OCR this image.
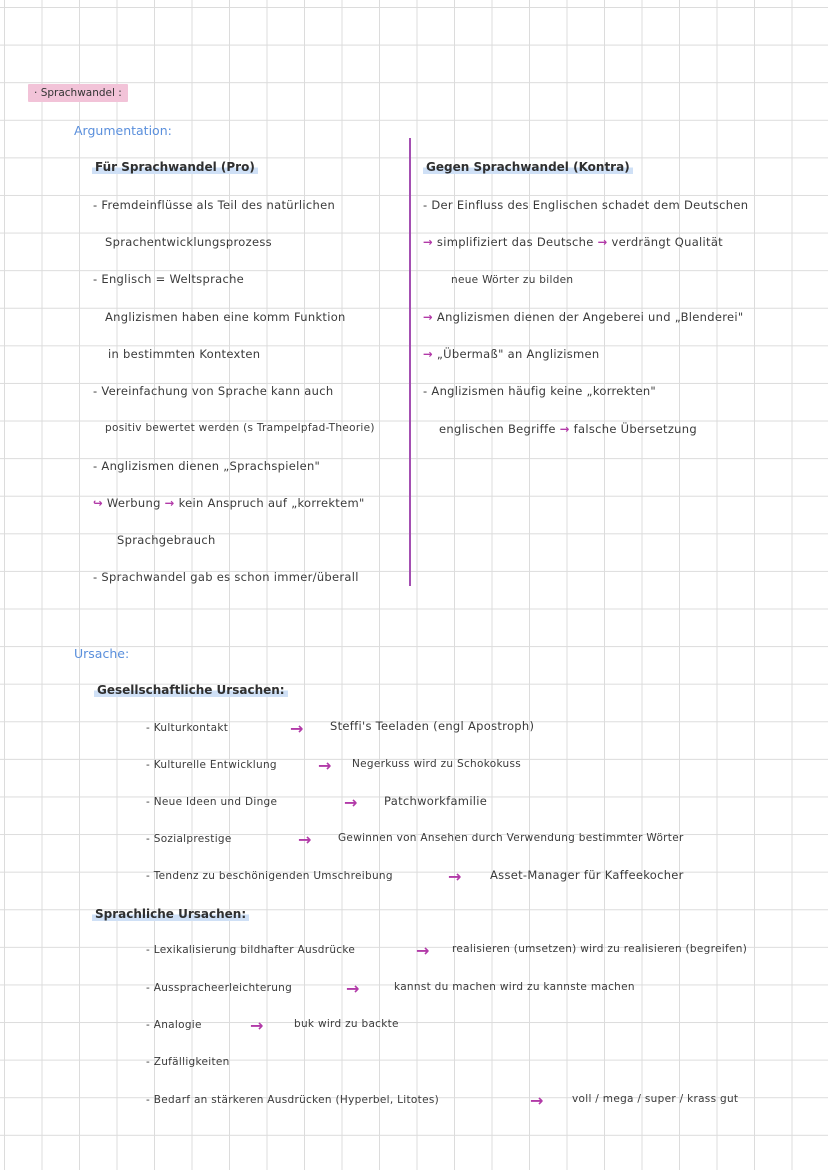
· Sprachwandel :
Argumentation:
Für Sprachwandel (Pro)
- Fremdeinflüsse als Teil des natürlichen
Sprachentwicklungsprozess
- Englisch = Weltsprache
Anglizismen haben eine komm Funktion
in bestimmten Kontexten
- Vereinfachung von Sprache kann auch
positiv bewertet werden (s Trampelpfad-Theorie)
- Anglizismen dienen „Sprachspielen"
↪ Werbung → kein Anspruch auf „korrektem"
Sprachgebrauch
- Sprachwandel gab es schon immer/überall
Gegen Sprachwandel (Kontra)
- Der Einfluss des Englischen schadet dem Deutschen
→ simplifiziert das Deutsche → verdrängt Qualität
neue Wörter zu bilden
→ Anglizismen dienen der Angeberei und „Blenderei"
→ „Übermaß" an Anglizismen
- Anglizismen häufig keine „korrekten"
englischen Begriffe → falsche Übersetzung
Ursache:
Gesellschaftliche Ursachen:
- Kulturkontakt	→ Steffi's Teeladen (engl Apostroph)
- Kulturelle Entwicklung	→ Negerkuss wird zu Schokokuss
- Neue Ideen und Dinge	→ Patchworkfamilie
- Sozialprestige	→	Gewinnen von Ansehen durch Verwendung bestimmter Wörter
- Tendenz zu beschönigenden Umschreibung	→ Asset-Manager für Kaffeekocher
Sprachliche Ursachen:
- Lexikalisierung bildhafter Ausdrücke	→ realisieren (umsetzen) wird zu realisieren (begreifen)
- Ausspracheerleichterung	→	kannst du machen wird zu kannste machen
- Analogie	→	buk wird zu backte
- Zufälligkeiten
- Bedarf an stärkeren Ausdrücken (Hyperbel, Litotes)	→	voll / mega / super / krass gut
